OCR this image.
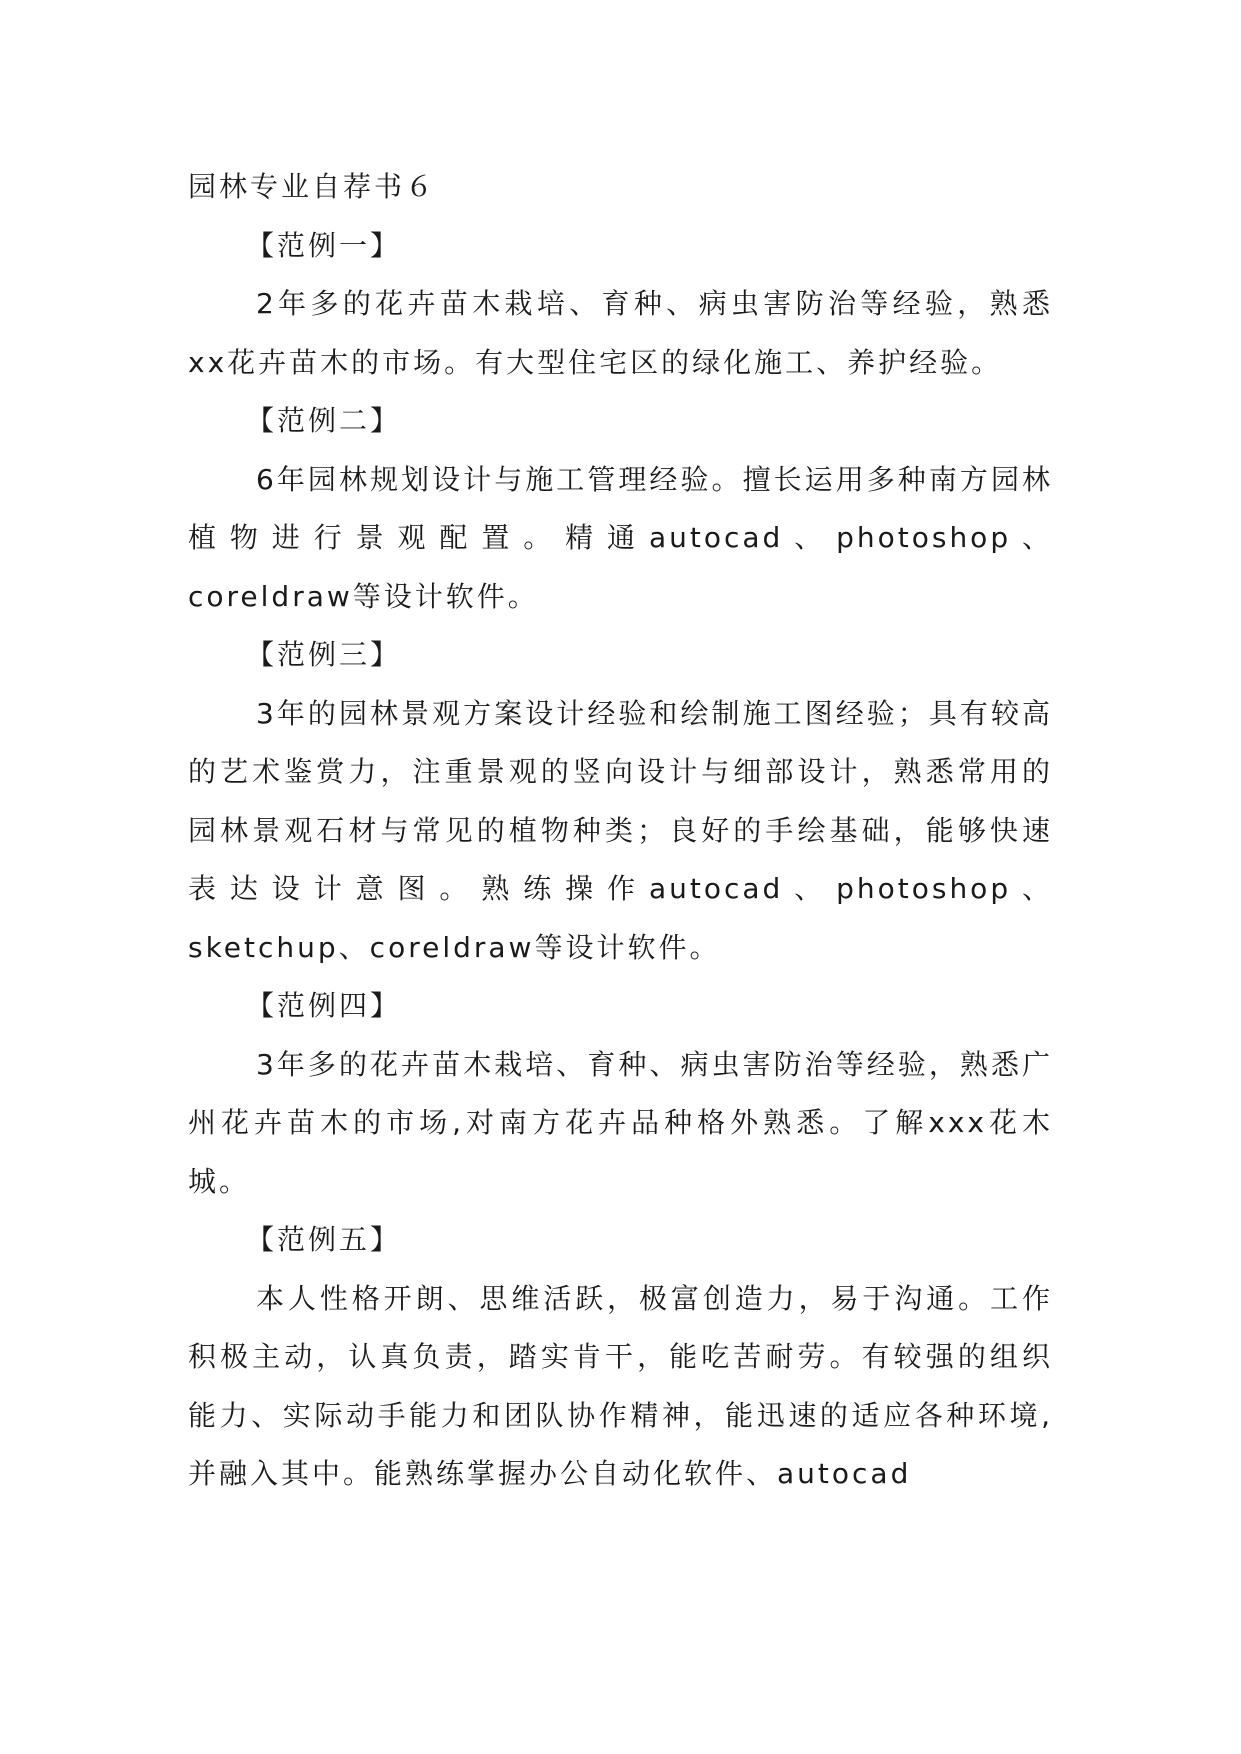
园林专业自荐书６
【范例一】

2年多的花卉苗木栽培、育种、病虫害防治等经验，熟悉xx花卉苗木的市场。有大型住宅区的绿化施工、养护经验。

【范例二】

6年园林规划设计与施工管理经验。擅长运用多种南方园林植物进行景观配置。精通autocad、photoshop、coreldraw等设计软件。

【范例三】

3年的园林景观方案设计经验和绘制施工图经验；具有较高的艺术鉴赏力，注重景观的竖向设计与细部设计，熟悉常用的园林景观石材与常见的植物种类；良好的手绘基础，能够快速表达设计意图。熟练操作autocad、photoshop、sketchup、coreldraw等设计软件。

【范例四】

3年多的花卉苗木栽培、育种、病虫害防治等经验，熟悉广州花卉苗木的市场,对南方花卉品种格外熟悉。了解xxx花木城。

【范例五】

本人性格开朗、思维活跃，极富创造力，易于沟通。工作积极主动，认真负责，踏实肯干，能吃苦耐劳。有较强的组织能力、实际动手能力和团队协作精神，能迅速的适应各种环境,并融入其中。能熟练掌握办公自动化软件、autocad
